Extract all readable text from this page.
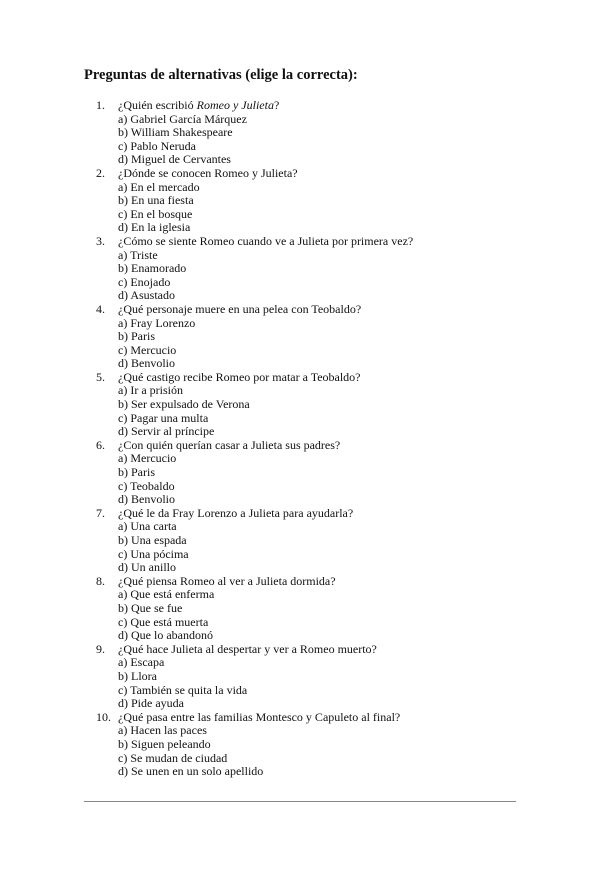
Preguntas de alternativas (elige la correcta):
1.	¿Quién escribió Romeo y Julieta?
a) Gabriel García Márquez
b) William Shakespeare
c) Pablo Neruda
d) Miguel de Cervantes
2.	¿Dónde se conocen Romeo y Julieta?
a) En el mercado
b) En una fiesta
c) En el bosque
d) En la iglesia
3.	¿Cómo se siente Romeo cuando ve a Julieta por primera vez?
a) Triste
b) Enamorado
c) Enojado
d) Asustado
4.	¿Qué personaje muere en una pelea con Teobaldo?
a) Fray Lorenzo
b) Paris
c) Mercucio
d) Benvolio
5.	¿Qué castigo recibe Romeo por matar a Teobaldo?
a) Ir a prisión
b) Ser expulsado de Verona
c) Pagar una multa
d) Servir al príncipe
6.	¿Con quién querían casar a Julieta sus padres?
a) Mercucio
b) Paris
c) Teobaldo
d) Benvolio
7.	¿Qué le da Fray Lorenzo a Julieta para ayudarla?
a) Una carta
b) Una espada
c) Una pócima
d) Un anillo
8.	¿Qué piensa Romeo al ver a Julieta dormida?
a) Que está enferma
b) Que se fue
c) Que está muerta
d) Que lo abandonó
9.	¿Qué hace Julieta al despertar y ver a Romeo muerto?
a) Escapa
b) Llora
c) También se quita la vida
d) Pide ayuda
10. ¿Qué pasa entre las familias Montesco y Capuleto al final?
a) Hacen las paces
b) Siguen peleando
c) Se mudan de ciudad
d) Se unen en un solo apellido
